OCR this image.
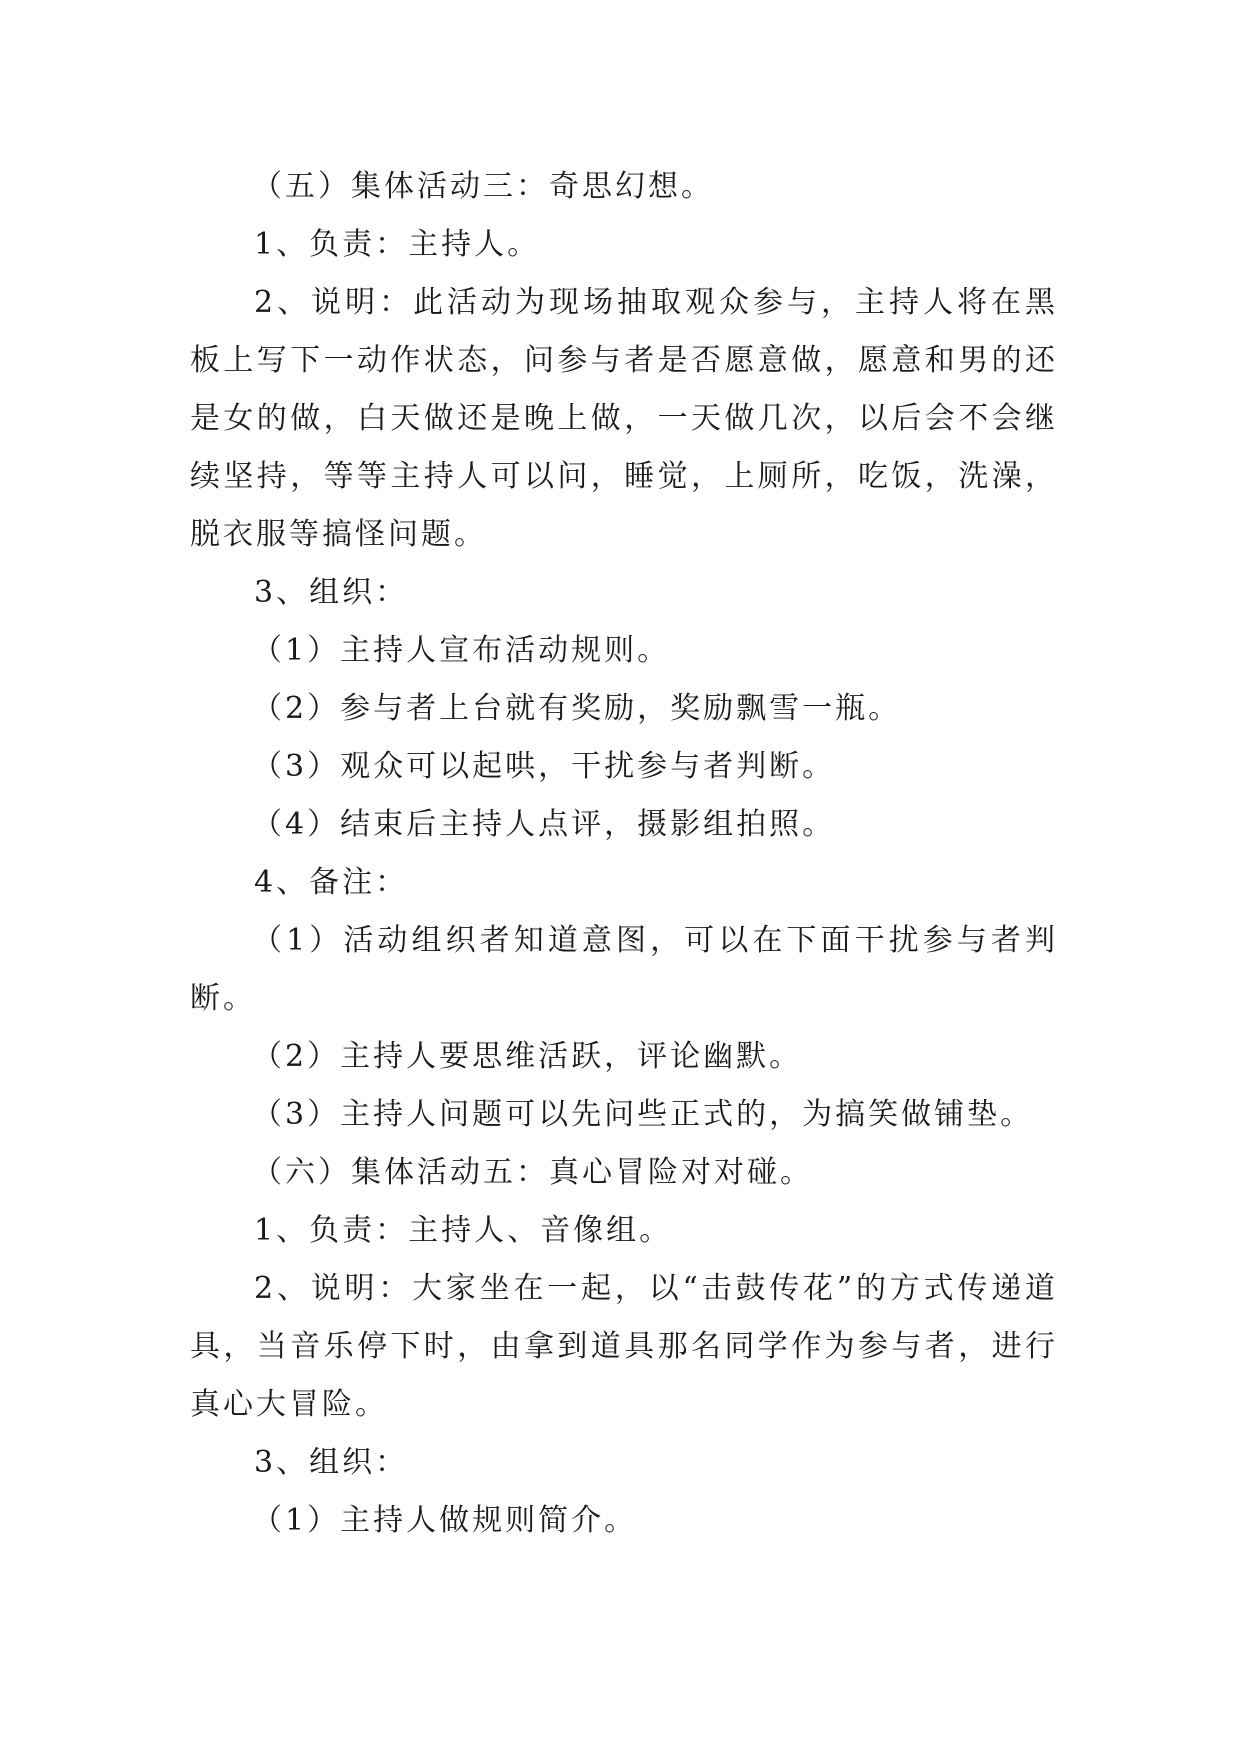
（五）集体活动三：奇思幻想。

1、负责：主持人。

2、说明：此活动为现场抽取观众参与，主持人将在黑板上写下一动作状态，问参与者是否愿意做，愿意和男的还是女的做，白天做还是晚上做，一天做几次，以后会不会继续坚持，等等主持人可以问，睡觉，上厕所，吃饭，洗澡，脱衣服等搞怪问题。

3、组织：

（1）主持人宣布活动规则。

（2）参与者上台就有奖励，奖励飘雪一瓶。

（3）观众可以起哄，干扰参与者判断。

（4）结束后主持人点评，摄影组拍照。

4、备注：

（1）活动组织者知道意图，可以在下面干扰参与者判断。

（2）主持人要思维活跃，评论幽默。

（3）主持人问题可以先问些正式的，为搞笑做铺垫。

（六）集体活动五：真心冒险对对碰。

1、负责：主持人、音像组。

2、说明：大家坐在一起，以“击鼓传花”的方式传递道具，当音乐停下时，由拿到道具那名同学作为参与者，进行真心大冒险。

3、组织：

（1）主持人做规则简介。
